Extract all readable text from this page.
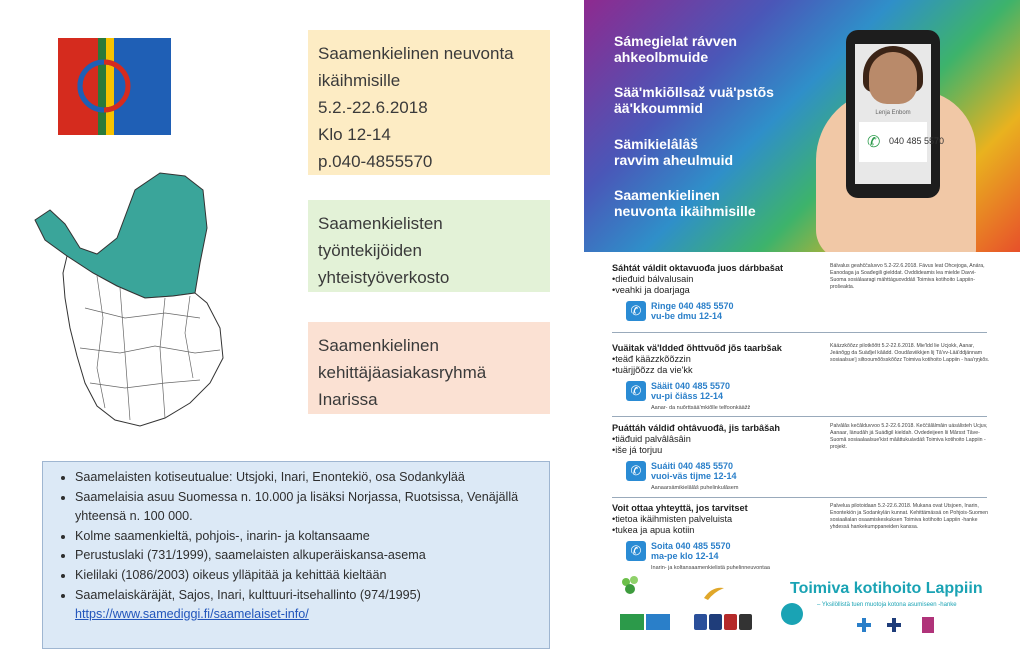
Saamenkielinen neuvonta
ikäihmisille
5.2.-22.6.2018
Klo 12-14
p.040-4855570
Saamenkielisten
työntekijöiden
yhteistyöverkosto
Saamenkielinen
kehittäjäasiakasryhmä
Inarissa
• Saamelaisten kotiseutualue: Utsjoki, Inari, Enontekiö, osa Sodankylää
• Saamelaisia asuu Suomessa n. 10.000 ja lisäksi Norjassa, Ruotsissa, Venäjällä
yhteensä n. 100 000.
• Kolme saamenkieltä, pohjois-, inarin- ja koltansaame
• Perustuslaki (731/1999), saamelaisten alkuperäiskansa-asema
• Kielilaki (1086/2003) oikeus ylläpitää ja kehittää kieltään
• Saamelaiskäräjät, Sajos, Inari, kulttuuri-itsehallinto (974/1995)
https://www.samediggi.fi/saamelaiset-info/
Sámegielat rávven
ahkeolbmuide
Sää'mkiõllsaž vuä'pstõs
ää'kkoummid
Sämikielâlâš
ravvim aheulmuid
Saamenkielinen
neuvonta ikäihmisille
Lenja Enbom
✆ 040 485 5570
Sáhtát váldit oktavuođa juos dárbbašat
•dieđuid bálvalusain
•veahki ja doarjaga
✆	Ringe 040 485 5570
vu-be dmu 12-14
Bálvalus geahččaluvvo 5.2-22.6.2018. Fávus leat Ohcejoga, Anára, Eanodaga ja Soađegili gielddat. Ovddideamis lea mielde Davvi-Suoma sosiálaaragi máhttáguovddáš Toimiva kotihoito Lappiin- prošeakta.
Vuäitak vä'lddeđ õhttvuõđ jõs taarbšak
•teäđ kääzzkõõzzin
•tuärjjõõzz da vie'kk
✆	Sääit 040 485 5570
vu-pi čiâss 12-14
Aanar- da nuõrttsää'mkiõlle telfoonkääžž
Kääzzkõõzz pilotkõõtt 5.2-22.6.2018. Mie'ldd lie Ucjokk, Aanar, Jeänõgg da Suäđjel kââdd. Ooudâsviikkjen lij Tâ'vv-Lää'ddjännam sosiaalsue'j siltooumõõsskõõzz Toimiva kotihoito Lappiin - haa'ŋŋkõs.
Puáttáh váldiđ ohtâvuođâ, jis tarbâšah
•tiäđuid palvâlâsâin
•iše já torjuu
✆	Suáiti 040 485 5570
vuoi-väs tijme 12-14
Aanaarsämikielâlâš puhelinkulâsem
Palvâlâs kečâlduvvoo 5.2-22.6.2018. Keččâlâlmâin uásálisteh Ucjuv, Aanaar, Iänudâh já Suáđigil kieldah. Ovdedeijeen lii Mârsst Tâve-Suomâ sosiaalaalsue'kist mââttukuávdáš Toimiva kotihoito Lappiin - projekt.
Voit ottaa yhteyttä, jos tarvitset
•tietoa ikäihmisten palveluista
•tukea ja apua kotiin
✆	Soita 040 485 5570
ma-pe klo 12-14
Inarin- ja koltansaamenkielistä puhelinneuvontaa
Palvelua pilotoidaan 5.2-22.6.2018. Mukana ovat Utsjoen, Inarin, Enontekiön ja Sodankylän kunnat. Kehittämässä on Pohjois-Suomen sosiaalialan osaamiskeskuksen Toimiva kotihoito Lappiin -hanke yhdessä hankekumppaneiden kanssa.
Toimiva kotihoito Lappiin
– Yksilöllistä tuen muotoja kotona asumiseen -hanke
